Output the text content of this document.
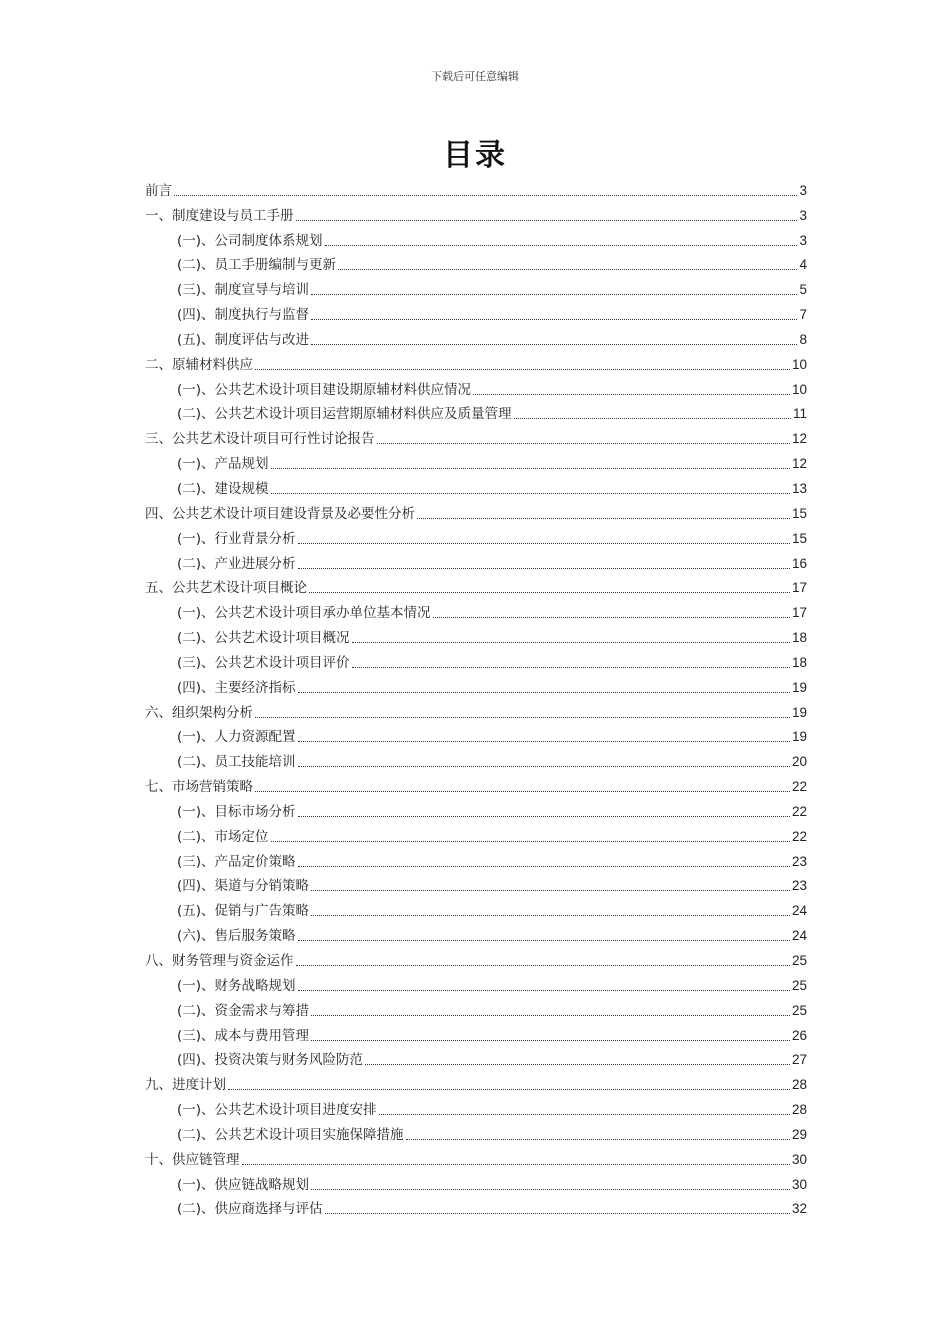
下载后可任意编辑
目录
前言	3
一、制度建设与员工手册	3
(一)、公司制度体系规划	3
(二)、员工手册编制与更新	4
(三)、制度宣导与培训	5
(四)、制度执行与监督	7
(五)、制度评估与改进	8
二、原辅材料供应	10
(一)、公共艺术设计项目建设期原辅材料供应情况	10
(二)、公共艺术设计项目运营期原辅材料供应及质量管理	11
三、公共艺术设计项目可行性讨论报告	12
(一)、产品规划	12
(二)、建设规模	13
四、公共艺术设计项目建设背景及必要性分析	15
(一)、行业背景分析	15
(二)、产业进展分析	16
五、公共艺术设计项目概论	17
(一)、公共艺术设计项目承办单位基本情况	17
(二)、公共艺术设计项目概况	18
(三)、公共艺术设计项目评价	18
(四)、主要经济指标	19
六、组织架构分析	19
(一)、人力资源配置	19
(二)、员工技能培训	20
七、市场营销策略	22
(一)、目标市场分析	22
(二)、市场定位	22
(三)、产品定价策略	23
(四)、渠道与分销策略	23
(五)、促销与广告策略	24
(六)、售后服务策略	24
八、财务管理与资金运作	25
(一)、财务战略规划	25
(二)、资金需求与筹措	25
(三)、成本与费用管理	26
(四)、投资决策与财务风险防范	27
九、进度计划	28
(一)、公共艺术设计项目进度安排	28
(二)、公共艺术设计项目实施保障措施	29
十、供应链管理	30
(一)、供应链战略规划	30
(二)、供应商选择与评估	32
